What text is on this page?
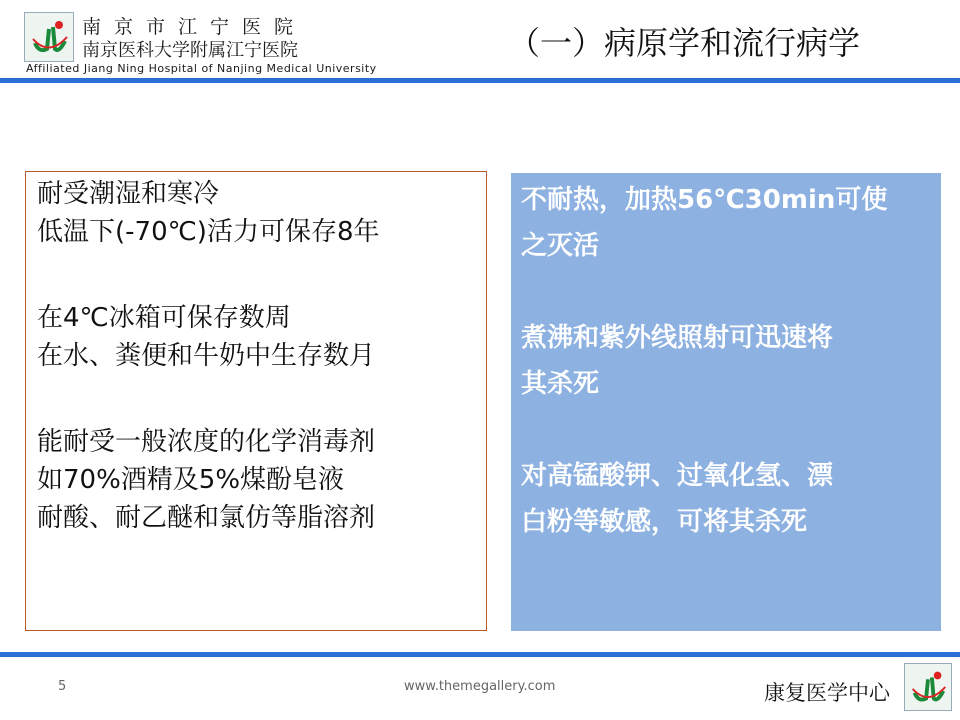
南京市江宁医院
南京医科大学附属江宁医院
Affiliated Jiang Ning Hospital of Nanjing Medical University
（一）病原学和流行病学
耐受潮湿和寒冷
低温下(-70℃)活力可保存8年
在4℃冰箱可保存数周
在水、粪便和牛奶中生存数月
能耐受一般浓度的化学消毒剂
如70%酒精及5%煤酚皂液
耐酸、耐乙醚和氯仿等脂溶剂
不耐热，加热56℃30min可使
之灭活
煮沸和紫外线照射可迅速将
其杀死
对高锰酸钾、过氧化氢、漂
白粉等敏感，可将其杀死
5	www.themegallery.com	康复医学中心
